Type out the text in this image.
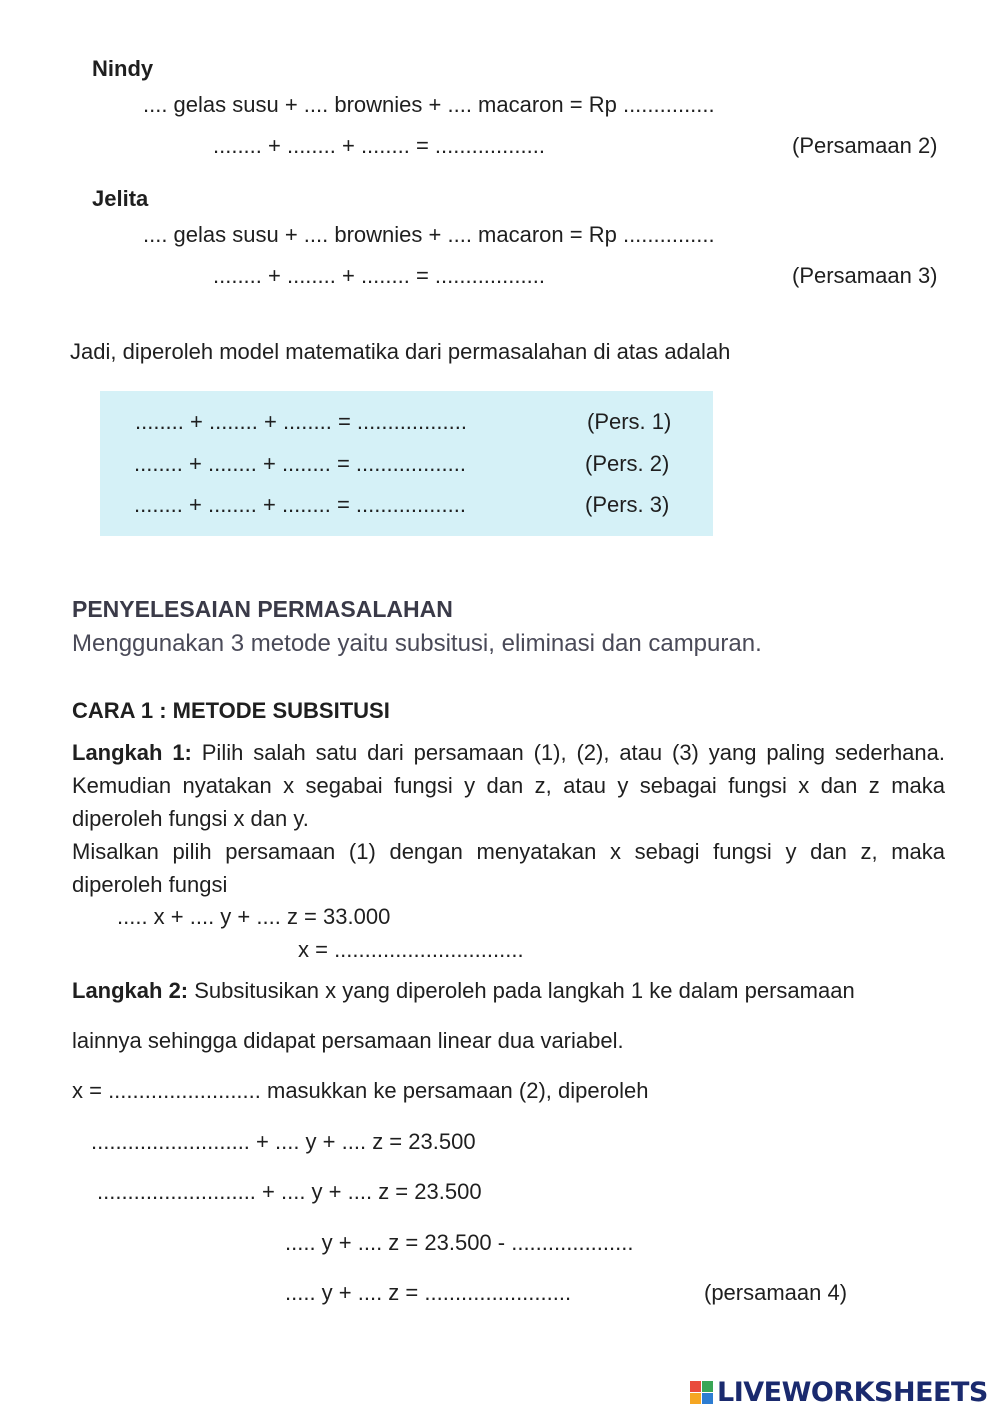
Nindy
.... gelas susu + .... brownies + .... macaron = Rp ...............
........ + ........ + ........ = ..................	(Persamaan 2)
Jelita
.... gelas susu + .... brownies + .... macaron = Rp ...............
........ + ........ + ........ = ..................	(Persamaan 3)
Jadi, diperoleh model matematika dari permasalahan di atas adalah
........ + ........ + ........ = ..................	(Pers. 1)
........ + ........ + ........ = ..................	(Pers. 2)
........ + ........ + ........ = ..................	(Pers. 3)
PENYELESAIAN PERMASALAHAN
Menggunakan 3 metode yaitu subsitusi, eliminasi dan campuran.
CARA 1 : METODE SUBSITUSI
Langkah 1: Pilih salah satu dari persamaan (1), (2), atau (3) yang paling sederhana. Kemudian nyatakan x segabai fungsi y dan z, atau y sebagai fungsi x dan z maka diperoleh fungsi x dan y.
Misalkan pilih persamaan (1) dengan menyatakan x sebagi fungsi y dan z, maka diperoleh fungsi
..... x + .... y + .... z = 33.000
x = ...............................
Langkah 2: Subsitusikan x yang diperoleh pada langkah 1 ke dalam persamaan
lainnya sehingga didapat persamaan linear dua variabel.
x = ......................... masukkan ke persamaan (2), diperoleh
.......................... + .... y + .... z = 23.500
.......................... + .... y + .... z = 23.500
..... y + .... z = 23.500 - ....................
..... y + .... z = ........................	(persamaan 4)
LIVEWORKSHEETS
